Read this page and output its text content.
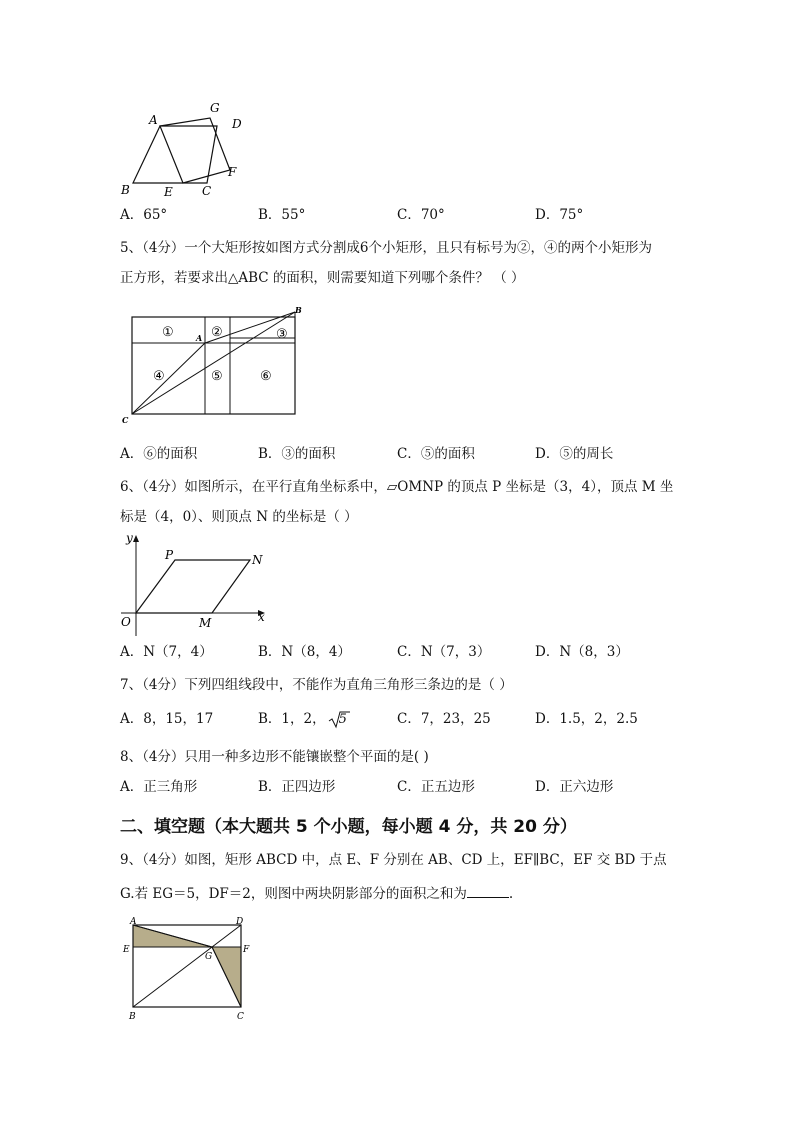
A
G
D
F
B	E C
A．65°	B．55°	C．70°	D．75°
5、（4分）一个大矩形按如图方式分割成6个小矩形，且只有标号为②，④的两个小矩形为
正方形，若要求出△ABC 的面积，则需要知道下列哪个条件？ （ ）
①	②	③
④	⑤	⑥
A
B
C
A．⑥的面积	B．③的面积	C．⑤的面积	D．⑤的周长
6、（4分）如图所示，在平行直角坐标系中，▱OMNP 的顶点 P 坐标是（3，4），顶点 M 坐
标是（4，0）、则顶点 N 的坐标是（ ）
y
P	N
O	M	x
A．N（7，4）	B．N（8，4）	C．N（7，3）	D．N（8，3）
7、（4分）下列四组线段中，不能作为直角三角形三条边的是（ ）
A．8，15，17	B．1，2， 5	C．7，23，25	D．1.5，2，2.5
8、（4分）只用一种多边形不能镶嵌整个平面的是( )
A．正三角形	B．正四边形	C．正五边形	D．正六边形
二、填空题（本大题共 5 个小题，每小题 4 分，共 20 分）
9、（4分）如图，矩形 ABCD 中，点 E、F 分别在 AB、CD 上，EF∥BC，EF 交 BD 于点
G.若 EG＝5，DF＝2，则图中两块阴影部分的面积之和为	.
A	D
E	F
G
B	C
